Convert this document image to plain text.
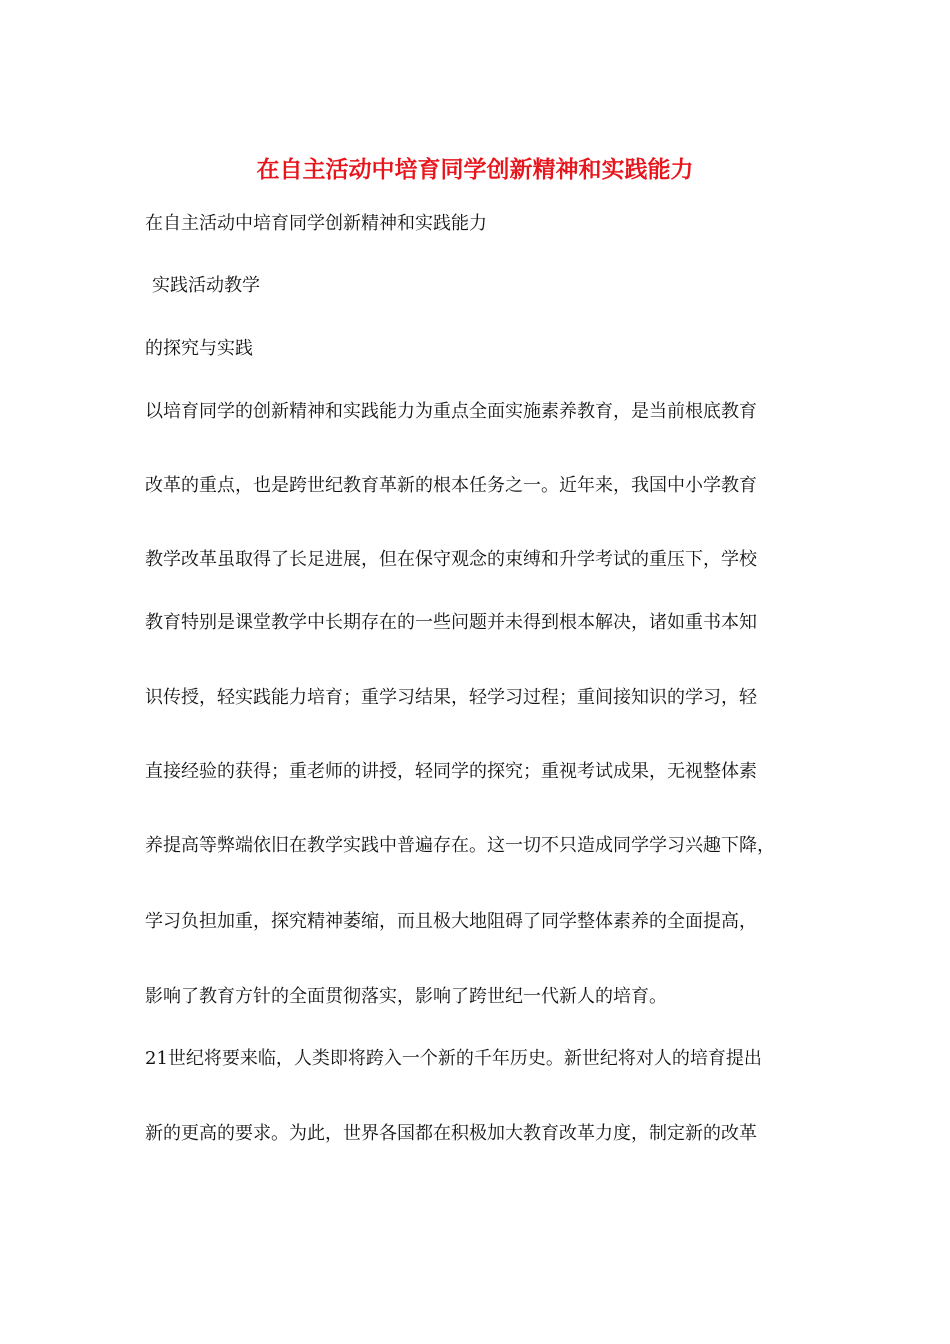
在自主活动中培育同学创新精神和实践能力
在自主活动中培育同学创新精神和实践能力
实践活动教学
的探究与实践
以培育同学的创新精神和实践能力为重点全面实施素养教育，是当前根底教育
改革的重点，也是跨世纪教育革新的根本任务之一。近年来，我国中小学教育
教学改革虽取得了长足进展，但在保守观念的束缚和升学考试的重压下，学校
教育特别是课堂教学中长期存在的一些问题并未得到根本解决，诸如重书本知
识传授，轻实践能力培育；重学习结果，轻学习过程；重间接知识的学习，轻
直接经验的获得；重老师的讲授，轻同学的探究；重视考试成果，无视整体素
养提高等弊端依旧在教学实践中普遍存在。这一切不只造成同学学习兴趣下降，
学习负担加重，探究精神萎缩，而且极大地阻碍了同学整体素养的全面提高，
影响了教育方针的全面贯彻落实，影响了跨世纪一代新人的培育。
21世纪将要来临，人类即将跨入一个新的千年历史。新世纪将对人的培育提出
新的更高的要求。为此，世界各国都在积极加大教育改革力度，制定新的改革
